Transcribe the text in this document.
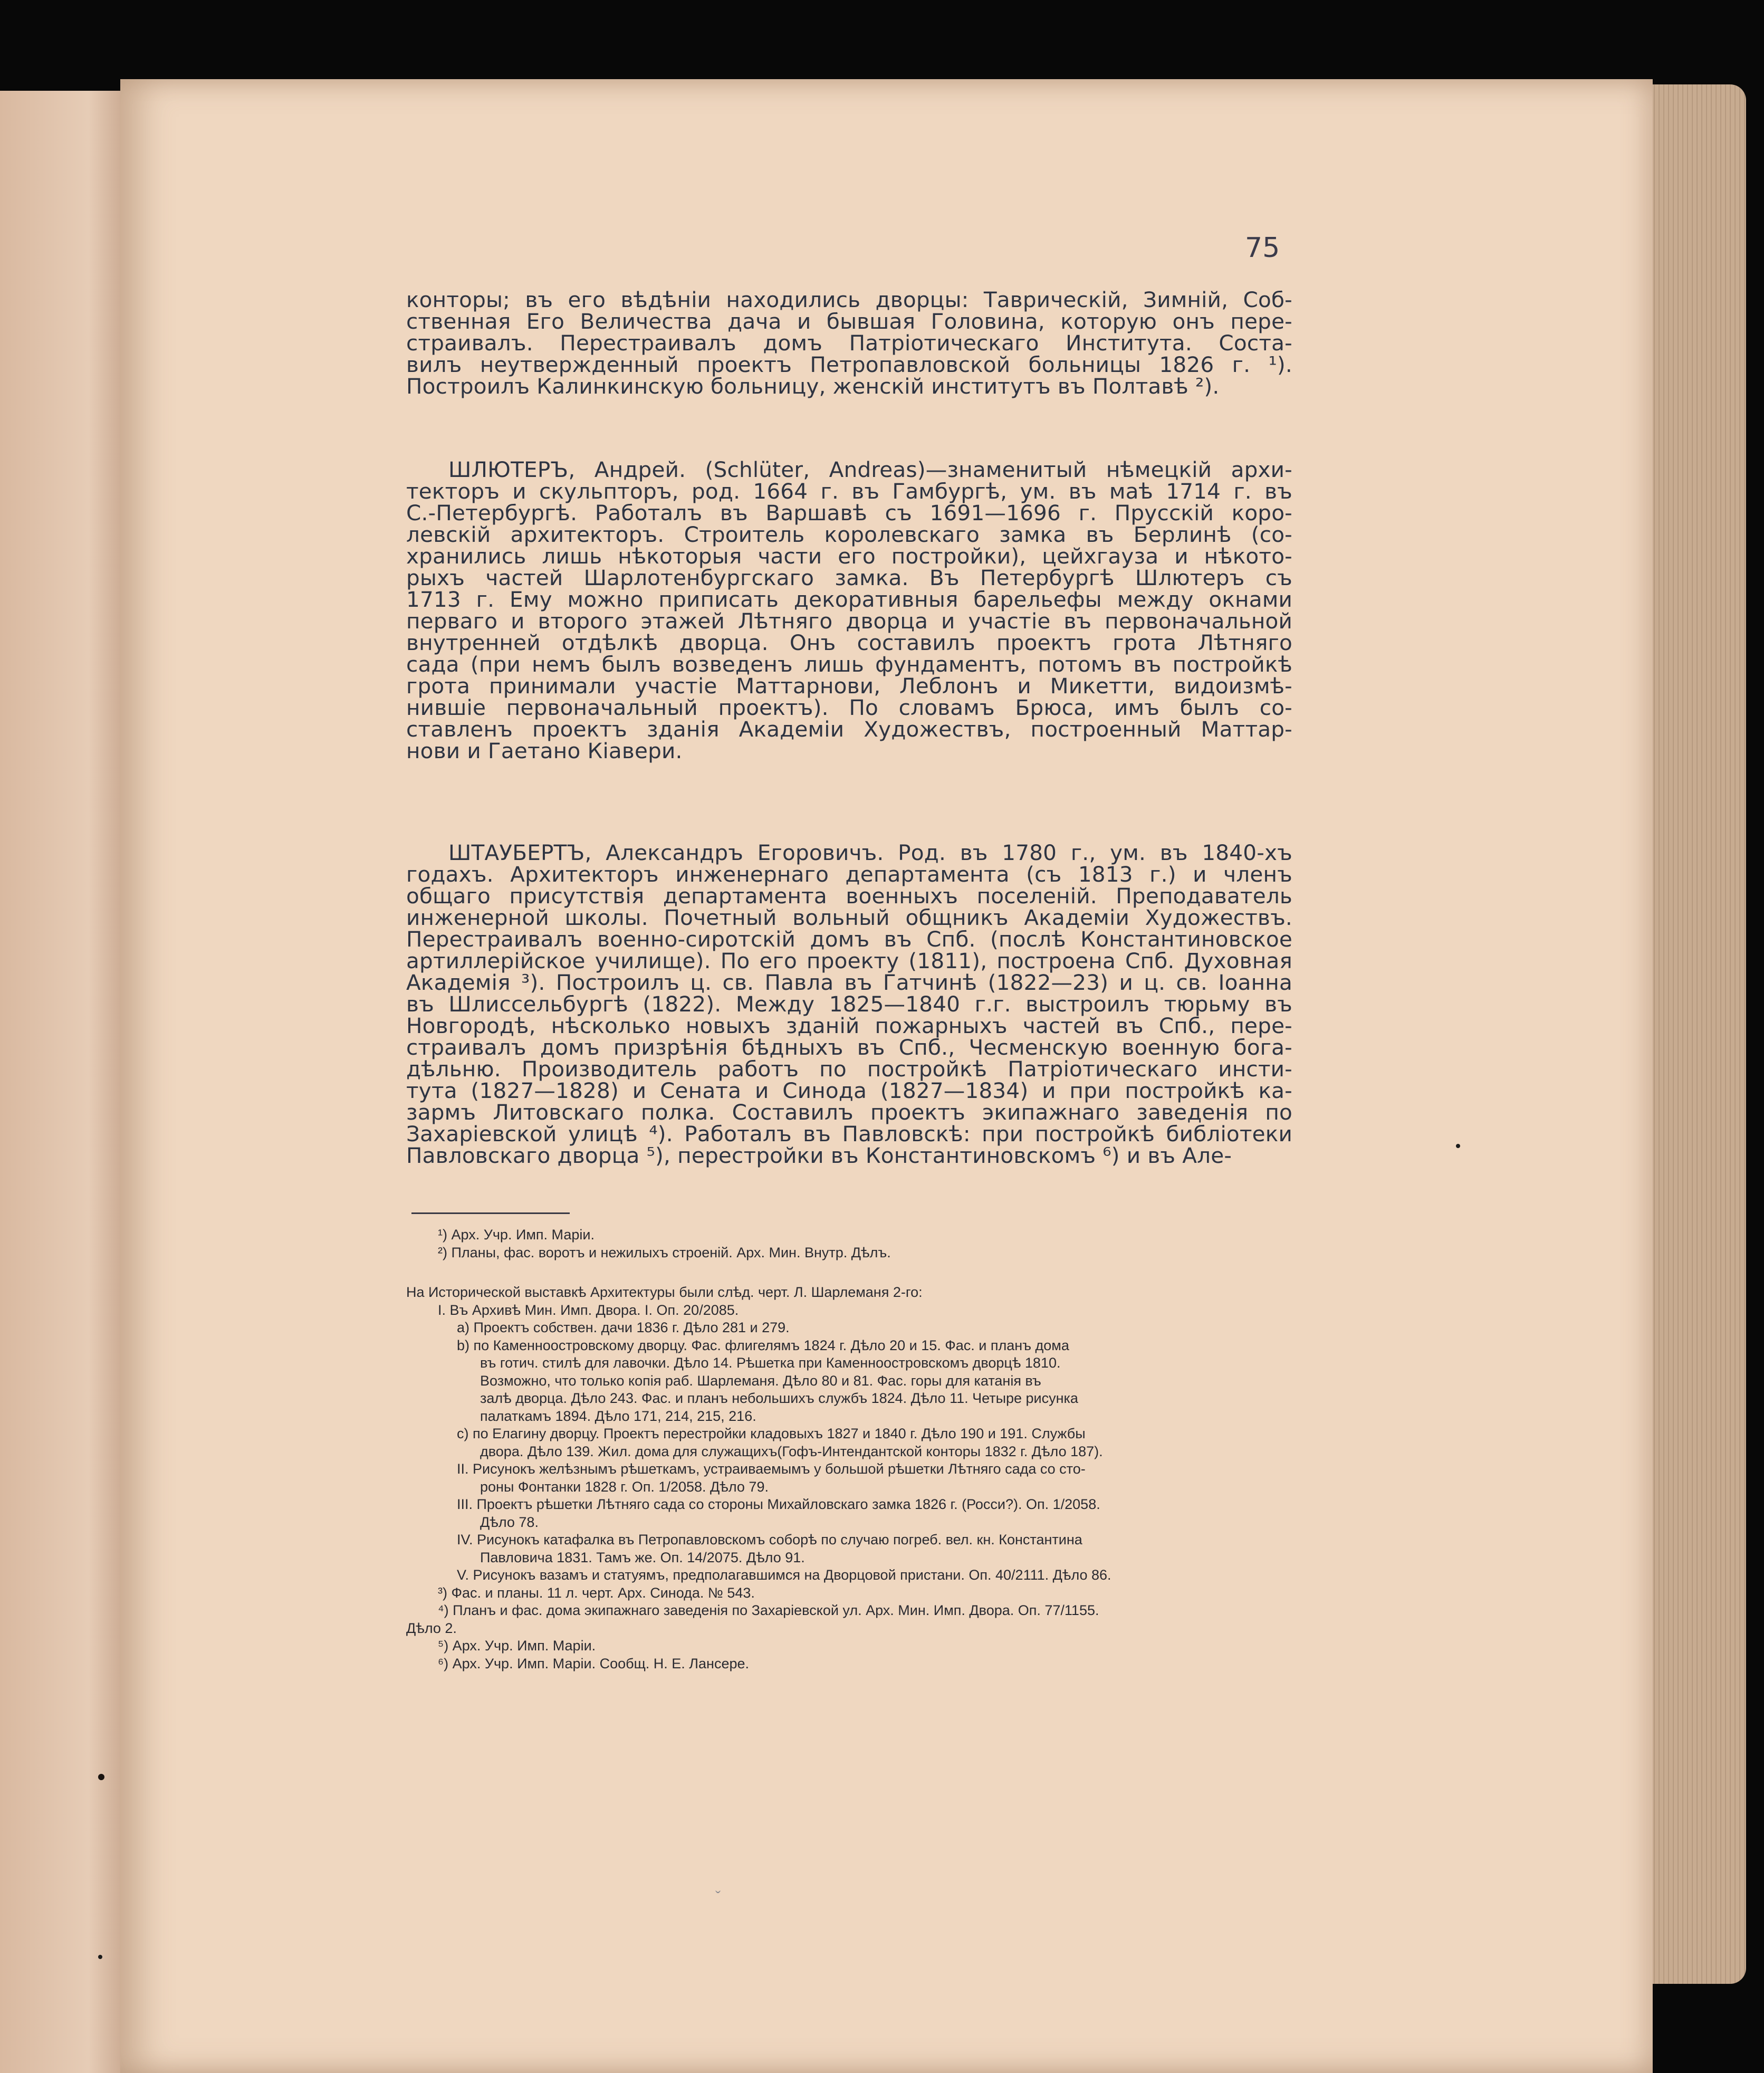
75
конторы; въ его вѣдѣніи находились дворцы: Таврическій, Зимній, Соб-
ственная Его Величества дача и бывшая Головина, которую онъ пере-
страивалъ. Перестраивалъ домъ Патріотическаго Института. Соста-
вилъ неутвержденный проектъ Петропавловской больницы 1826 г. ¹).
Построилъ Калинкинскую больницу, женскій институтъ въ Полтавѣ ²).
ШЛЮТЕРЪ, Андрей. (Schlüter, Andreas)—знаменитый нѣмецкій архи-
текторъ и скульпторъ, род. 1664 г. въ Гамбургѣ, ум. въ маѣ 1714 г. въ
С.-Петербургѣ. Работалъ въ Варшавѣ съ 1691—1696 г. Прусскій коро-
левскій архитекторъ. Строитель королевскаго замка въ Берлинѣ (со-
хранились лишь нѣкоторыя части его постройки), цейхгауза и нѣкото-
рыхъ частей Шарлотенбургскаго замка. Въ Петербургѣ Шлютеръ съ
1713 г. Ему можно приписать декоративныя барельефы между окнами
перваго и второго этажей Лѣтняго дворца и участіе въ первоначальной
внутренней отдѣлкѣ дворца. Онъ составилъ проектъ грота Лѣтняго
сада (при немъ былъ возведенъ лишь фундаментъ, потомъ въ постройкѣ
грота принимали участіе Маттарнови, Леблонъ и Микетти, видоизмѣ-
нившіе первоначальный проектъ). По словамъ Брюса, имъ былъ со-
ставленъ проектъ зданія Академіи Художествъ, построенный Маттар-
нови и Гаетано Кіавери.
ШТАУБЕРТЪ, Александръ Егоровичъ. Род. въ 1780 г., ум. въ 1840-хъ
годахъ. Архитекторъ инженернаго департамента (съ 1813 г.) и членъ
общаго присутствія департамента военныхъ поселеній. Преподаватель
инженерной школы. Почетный вольный общникъ Академіи Художествъ.
Перестраивалъ военно-сиротскій домъ въ Спб. (послѣ Константиновское
артиллерійское училище). По его проекту (1811), построена Спб. Духовная
Академія ³). Построилъ ц. св. Павла въ Гатчинѣ (1822—23) и ц. св. Іоанна
въ Шлиссельбургѣ (1822). Между 1825—1840 г.г. выстроилъ тюрьму въ
Новгородѣ, нѣсколько новыхъ зданій пожарныхъ частей въ Спб., пере-
страивалъ домъ призрѣнія бѣдныхъ въ Спб., Чесменскую военную бога-
дѣльню. Производитель работъ по постройкѣ Патріотическаго инсти-
тута (1827—1828) и Сената и Синода (1827—1834) и при постройкѣ ка-
зармъ Литовскаго полка. Составилъ проектъ экипажнаго заведенія по
Захаріевской улицѣ ⁴). Работалъ въ Павловскѣ: при постройкѣ библіотеки
Павловскаго дворца ⁵), перестройки въ Константиновскомъ ⁶) и въ Але-
¹) Арх. Учр. Имп. Маріи.
²) Планы, фас. воротъ и нежилыхъ строеній. Арх. Мин. Внутр. Дѣлъ.
На Исторической выставкѣ Архитектуры были слѣд. черт. Л. Шарлеманя 2-го:
I. Въ Архивѣ Мин. Имп. Двора. I. Оп. 20/2085.
a) Проектъ собствен. дачи 1836 г. Дѣло 281 и 279.
b) по Каменноостровскому дворцу. Фас. флигелямъ 1824 г. Дѣло 20 и 15. Фас. и планъ дома
въ готич. стилѣ для лавочки. Дѣло 14. Рѣшетка при Каменноостровскомъ дворцѣ 1810.
Возможно, что только копія раб. Шарлеманя. Дѣло 80 и 81. Фас. горы для катанія въ
залѣ дворца. Дѣло 243. Фас. и планъ небольшихъ службъ 1824. Дѣло 11. Четыре рисунка
палаткамъ 1894. Дѣло 171, 214, 215, 216.
c) по Елагину дворцу. Проектъ перестройки кладовыхъ 1827 и 1840 г. Дѣло 190 и 191. Службы
двора. Дѣло 139. Жил. дома для служащихъ(Гофъ-Интендантской конторы 1832 г. Дѣло 187).
II. Рисунокъ желѣзнымъ рѣшеткамъ, устраиваемымъ у большой рѣшетки Лѣтняго сада со сто-
роны Фонтанки 1828 г. Оп. 1/2058. Дѣло 79.
III. Проектъ рѣшетки Лѣтняго сада со стороны Михайловскаго замка 1826 г. (Росси?). Оп. 1/2058.
Дѣло 78.
IV. Рисунокъ катафалка въ Петропавловскомъ соборѣ по случаю погреб. вел. кн. Константина
Павловича 1831. Тамъ же. Оп. 14/2075. Дѣло 91.
V. Рисунокъ вазамъ и статуямъ, предполагавшимся на Дворцовой пристани. Оп. 40/2111. Дѣло 86.
³) Фас. и планы. 11 л. черт. Арх. Синода. № 543.
⁴) Планъ и фас. дома экипажнаго заведенія по Захаріевской ул. Арх. Мин. Имп. Двора. Оп. 77/1155.
Дѣло 2.
⁵) Арх. Учр. Имп. Маріи.
⁶) Арх. Учр. Имп. Маріи. Сообщ. Н. Е. Лансере.
ˇ
